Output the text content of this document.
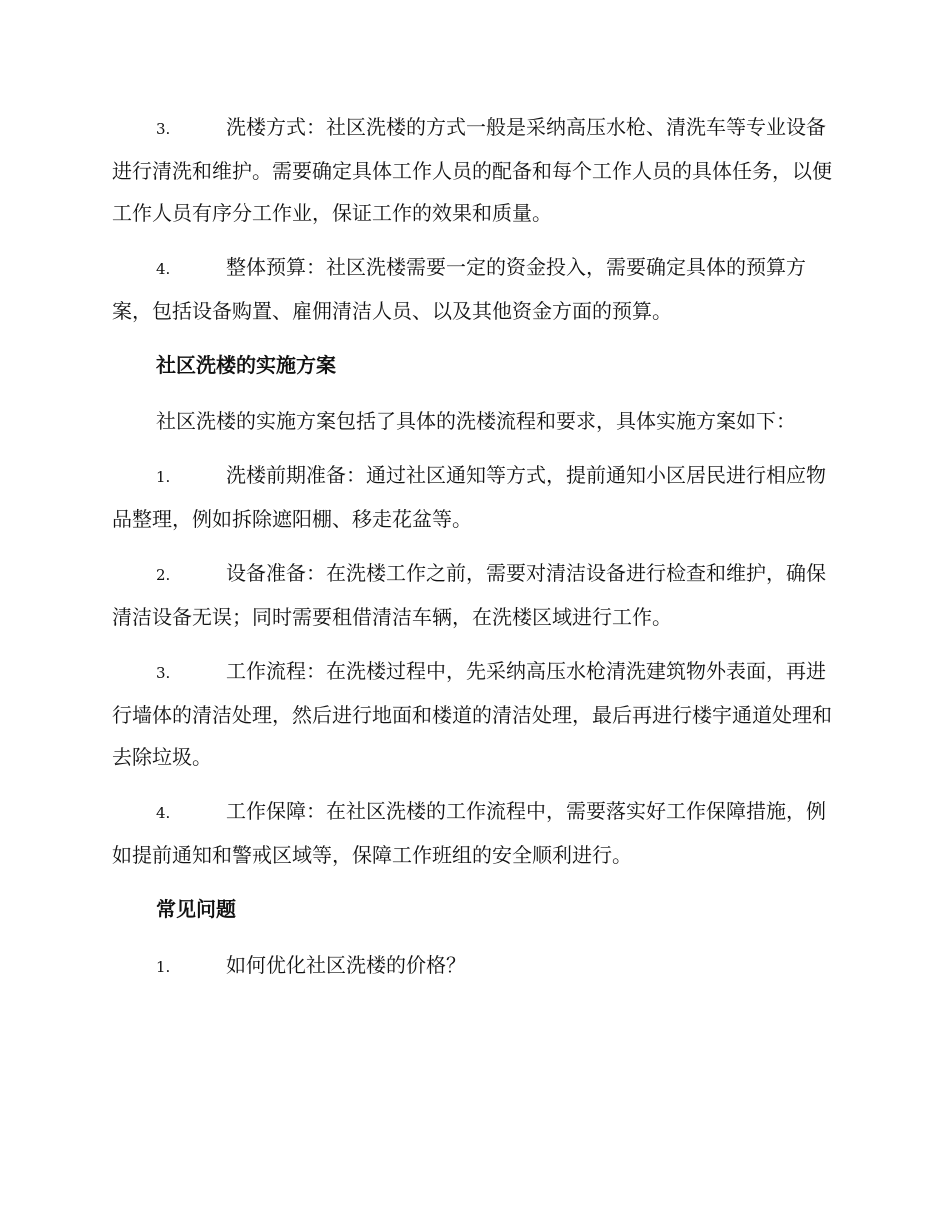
3.	洗楼方式：社区洗楼的方式一般是采纳高压水枪、清洗车等专业设备进行清洗和维护。需要确定具体工作人员的配备和每个工作人员的具体任务，以便工作人员有序分工作业，保证工作的效果和质量。
4.	整体预算：社区洗楼需要一定的资金投入，需要确定具体的预算方案，包括设备购置、雇佣清洁人员、以及其他资金方面的预算。
社区洗楼的实施方案
社区洗楼的实施方案包括了具体的洗楼流程和要求，具体实施方案如下：
1.	洗楼前期准备：通过社区通知等方式，提前通知小区居民进行相应物品整理，例如拆除遮阳棚、移走花盆等。
2.	设备准备：在洗楼工作之前，需要对清洁设备进行检查和维护，确保清洁设备无误；同时需要租借清洁车辆，在洗楼区域进行工作。
3.	工作流程：在洗楼过程中，先采纳高压水枪清洗建筑物外表面，再进行墙体的清洁处理，然后进行地面和楼道的清洁处理，最后再进行楼宇通道处理和去除垃圾。
4.	工作保障：在社区洗楼的工作流程中，需要落实好工作保障措施，例如提前通知和警戒区域等，保障工作班组的安全顺利进行。
常见问题
1.	如何优化社区洗楼的价格？
